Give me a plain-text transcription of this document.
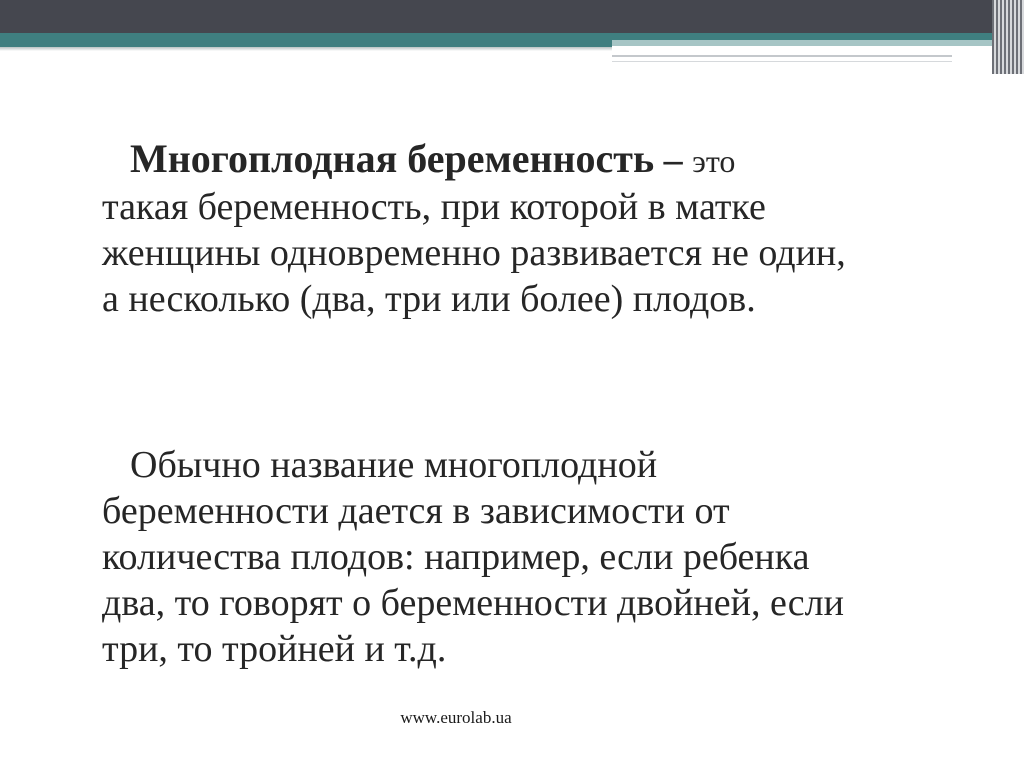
Многоплодная беременность – это
такая беременность, при которой в матке
женщины одновременно развивается не один,
а несколько (два, три или более) плодов.
Обычно название многоплодной
беременности дается в зависимости от
количества плодов: например, если ребенка
два, то говорят о беременности двойней, если
три, то тройней и т.д.
www.eurolab.ua
